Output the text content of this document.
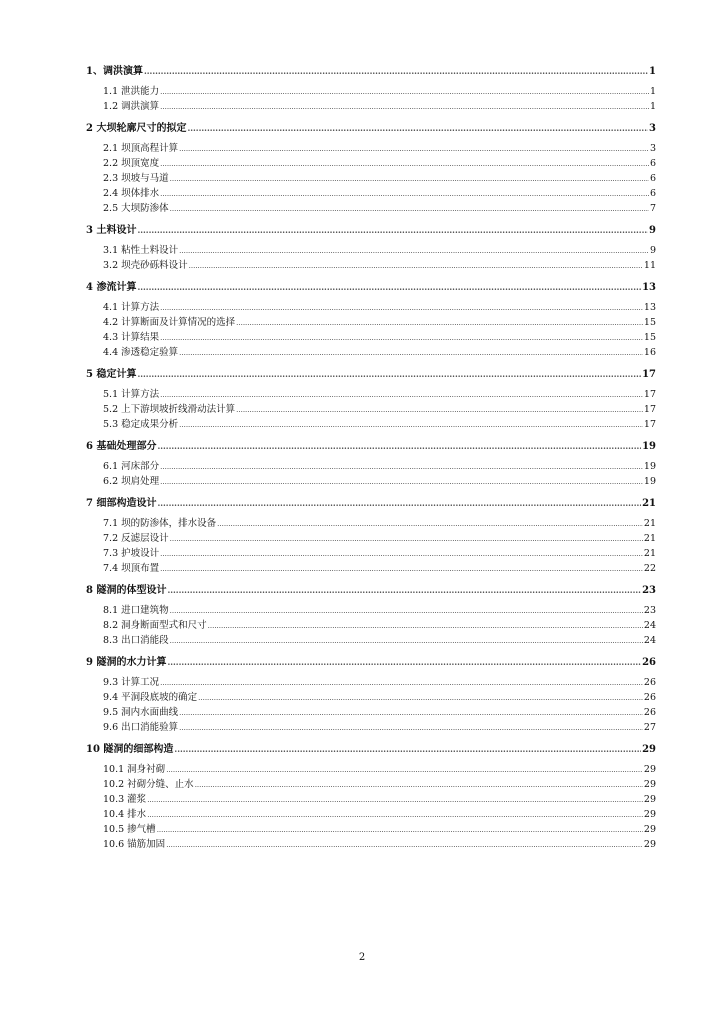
1、调洪演算 .....	1
1.1 泄洪能力 .....	1
1.2 调洪演算 .....	1
2 大坝轮廓尺寸的拟定 .....	3
2.1 坝顶高程计算 .....	3
2.2 坝顶宽度 .....	6
2.3 坝坡与马道 .....	6
2.4 坝体排水 .....	6
2.5 大坝防渗体 .....	7
3 土料设计 .....	9
3.1 粘性土料设计 .....	9
3.2 坝壳砂砾料设计 .....	11
4 渗流计算 .....	13
4.1 计算方法 .....	13
4.2 计算断面及计算情况的选择 .....	15
4.3 计算结果 .....	15
4.4 渗透稳定验算 .....	16
5 稳定计算 .....	17
5.1 计算方法 .....	17
5.2 上下游坝坡折线滑动法计算 .....	17
5.3 稳定成果分析 .....	17
6 基础处理部分 .....	19
6.1 河床部分 .....	19
6.2 坝肩处理 .....	19
7 细部构造设计 .....	21
7.1 坝的防渗体，排水设备 .....	21
7.2 反滤层设计 .....	21
7.3 护坡设计 .....	21
7.4 坝顶布置 .....	22
8 隧洞的体型设计 .....	23
8.1 进口建筑物 .....	23
8.2 洞身断面型式和尺寸 .....	24
8.3 出口消能段 .....	24
9 隧洞的水力计算 .....	26
9.3 计算工况 .....	26
9.4 平洞段底坡的确定 .....	26
9.5 洞内水面曲线 .....	26
9.6 出口消能验算 .....	27
10 隧洞的细部构造 .....	29
10.1 洞身衬砌 .....	29
10.2 衬砌分缝、止水 .....	29
10.3 灌浆 .....	29
10.4 排水 .....	29
10.5 掺气槽 .....	29
10.6 锚筋加固 .....	29
2
